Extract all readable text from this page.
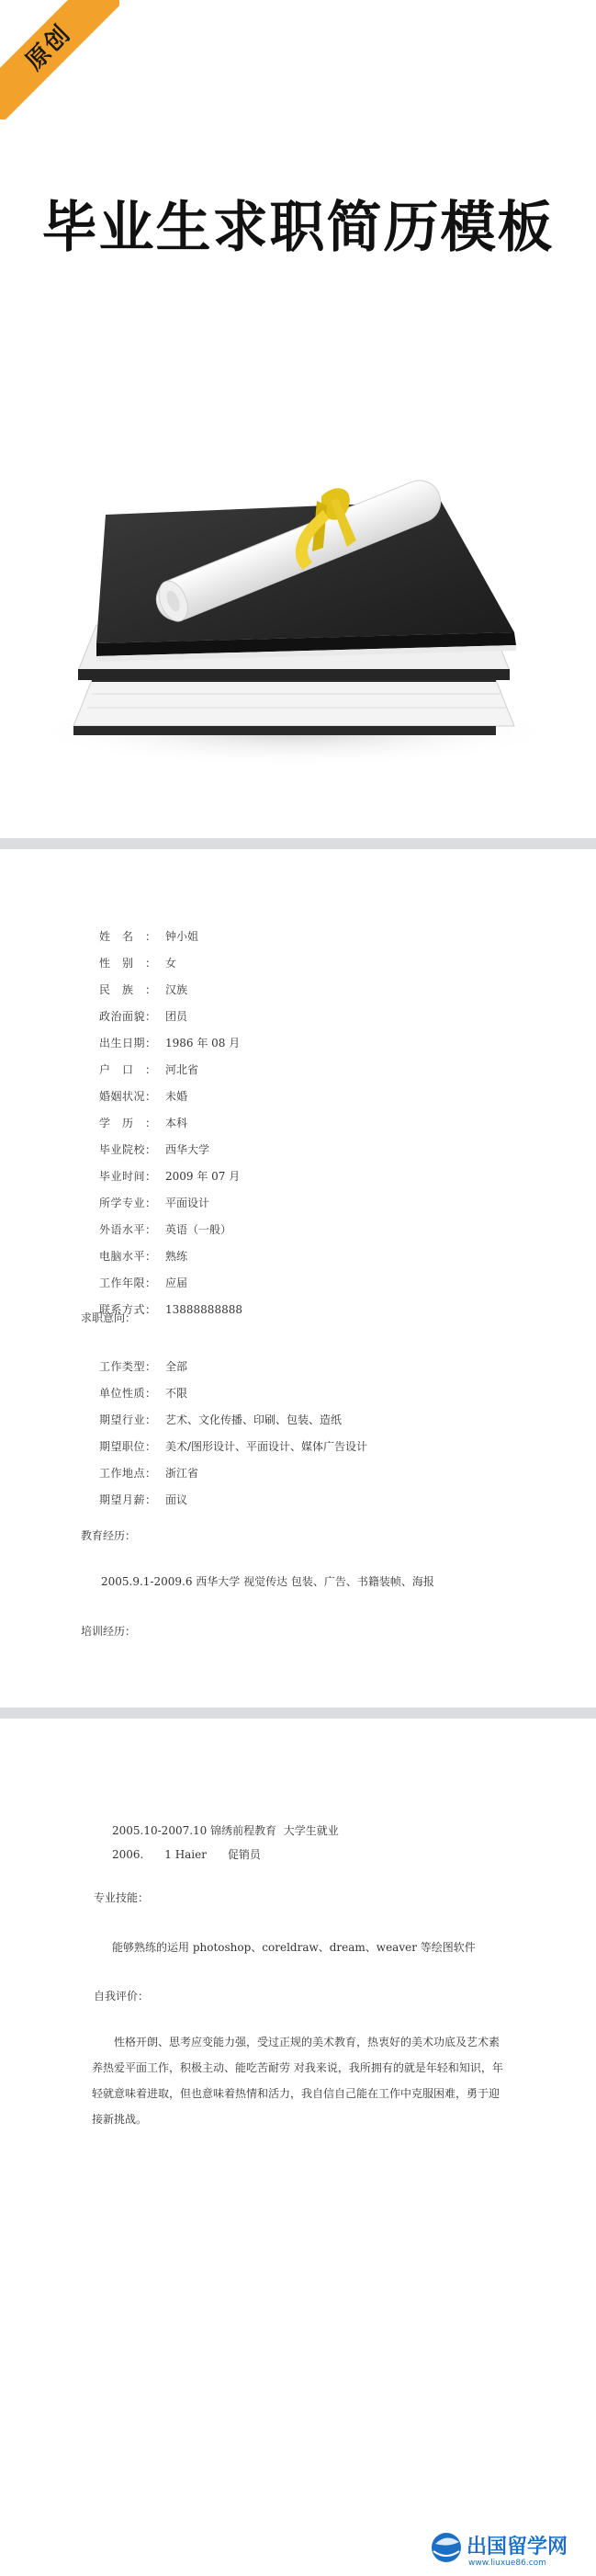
原创
毕业生求职简历模板
姓名： 钟小姐
性别： 女
民族： 汉族
政治面貌： 团员
出生日期： 1986 年 08 月
户口： 河北省
婚姻状况： 未婚
学历： 本科
毕业院校： 西华大学
毕业时间： 2009 年 07 月
所学专业： 平面设计
外语水平： 英语（一般）
电脑水平： 熟练
工作年限： 应届
联系方式： 13888888888
求职意向：
工作类型： 全部
单位性质： 不限
期望行业： 艺术、文化传播、印刷、包装、造纸
期望职位： 美术/图形设计、平面设计、媒体广告设计
工作地点： 浙江省
期望月薪： 面议
教育经历：
2005.9.1-2009.6 西华大学 视觉传达 包装、广告、书籍装帧、海报
培训经历：
2005.10-2007.10 锦绣前程教育  大学生就业
2006.      1 Haier      促销员
专业技能：
能够熟练的运用 photoshop、coreldraw、dream、weaver 等绘图软件
自我评价：
性格开朗、思考应变能力强，受过正规的美术教育，热衷好的美术功底及艺术素养热爱平面工作，积极主动、能吃苦耐劳 对我来说，我所拥有的就是年轻和知识，年轻就意味着进取，但也意味着热情和活力，我自信自己能在工作中克服困难，勇于迎接新挑战。
出国留学网
www.liuxue86.com
